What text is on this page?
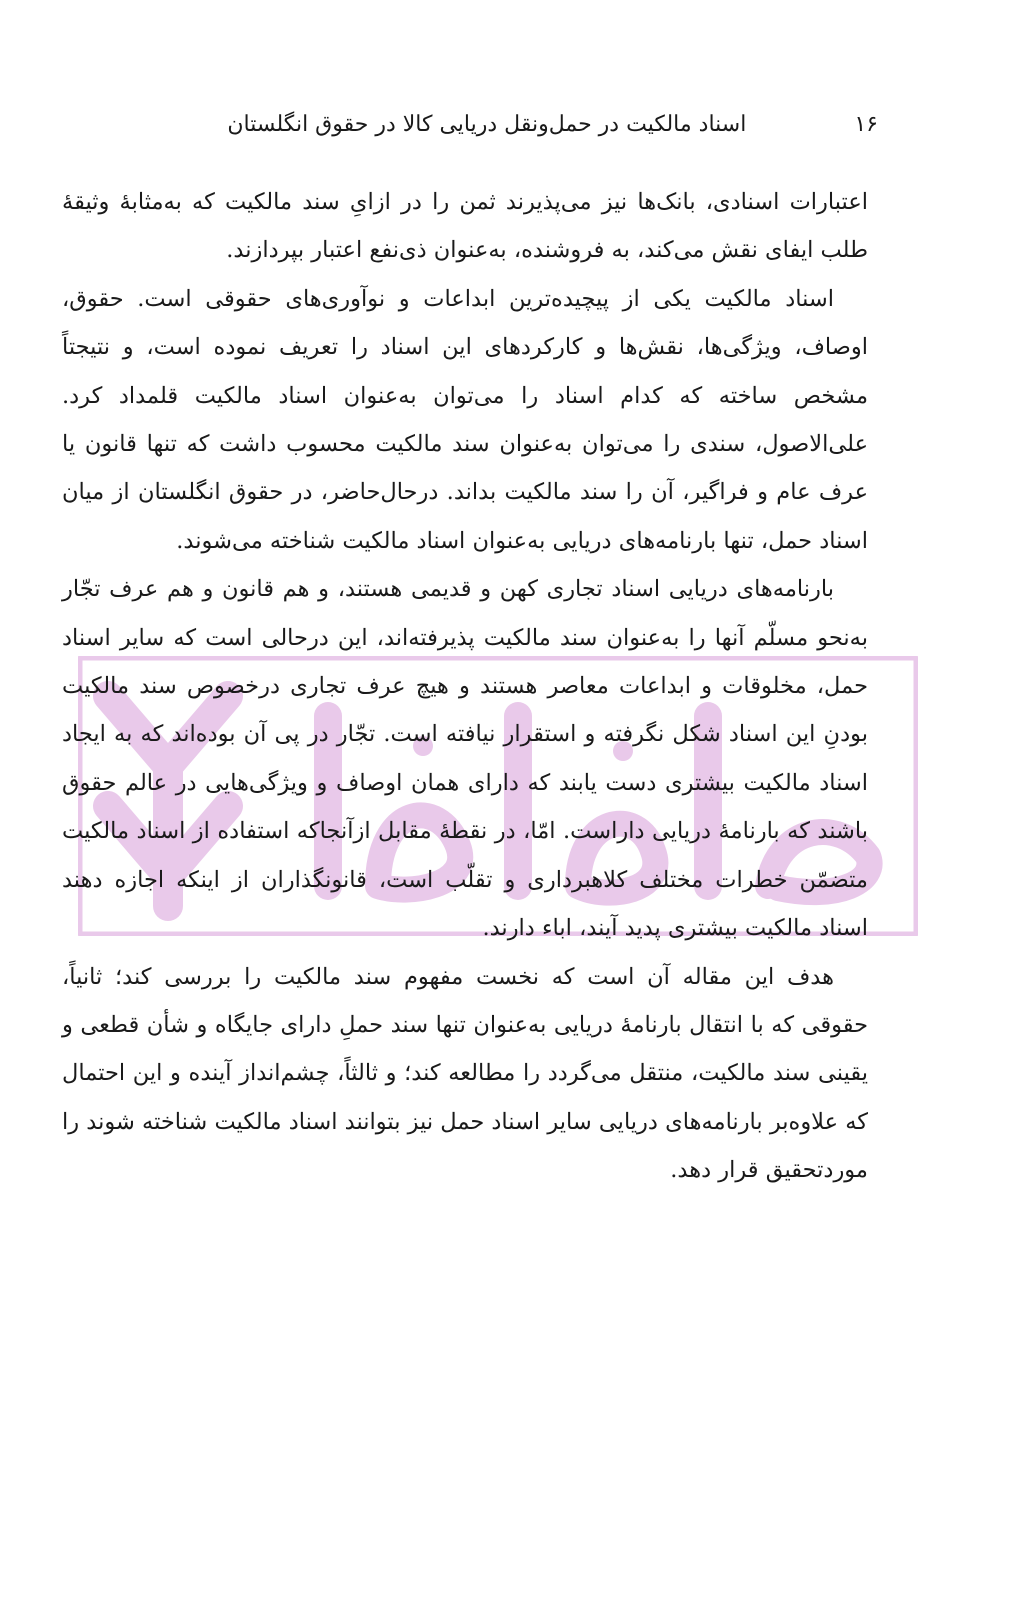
۱۶
اسناد مالکیت در حمل‌ونقل دریایی کالا در حقوق انگلستان

اعتبارات اسنادی، بانک‌ها نیز می‌پذیرند ثمن را در ازایِ سند مالکیت که به‌مثابهٔ وثیقهٔ طلب ایفای نقش می‌کند، به فروشنده، به‌عنوان ذی‌نفع اعتبار بپردازند.

اسناد مالکیت یکی از پیچیده‌ترین ابداعات و نوآوری‌های حقوقی است. حقوق، اوصاف، ویژگی‌ها، نقش‌ها و کارکردهای این اسناد را تعریف نموده است، و نتیجتاً مشخص ساخته که کدام اسناد را می‌توان به‌عنوان اسناد مالکیت قلمداد کرد. علی‌الاصول، سندی را می‌توان به‌عنوان سند مالکیت محسوب داشت که تنها قانون یا عرف عام و فراگیر، آن را سند مالکیت بداند. درحال‌حاضر، در حقوق انگلستان از میان اسناد حمل، تنها بارنامه‌های دریایی به‌عنوان اسناد مالکیت شناخته می‌شوند.

بارنامه‌های دریایی اسناد تجاری کهن و قدیمی هستند، و هم قانون و هم عرف تجّار به‌نحو مسلّم آنها را به‌عنوان سند مالکیت پذیرفته‌اند، این درحالی است که سایر اسناد حمل، مخلوقات و ابداعات معاصر هستند و هیچ عرف تجاری درخصوص سند مالکیت بودنِ این اسناد شکل نگرفته و استقرار نیافته است. تجّار در پی آن بوده‌اند که به ایجاد اسناد مالکیت بیشتری دست یابند که دارای همان اوصاف و ویژگی‌هایی در عالم حقوق باشند که بارنامهٔ دریایی داراست. امّا، در نقطهٔ مقابل ازآنجاکه استفاده از اسناد مالکیت متضمّن خطرات مختلف کلاهبرداری و تقلّب است، قانونگذاران از اینکه اجازه دهند اسناد مالکیت بیشتری پدید آیند، اباء دارند.

هدف این مقاله آن است که نخست مفهوم سند مالکیت را بررسی کند؛ ثانیاً، حقوقی که با انتقال بارنامهٔ دریایی به‌عنوان تنها سند حملِ دارای جایگاه و شأن قطعی و یقینی سند مالکیت، منتقل می‌گردد را مطالعه کند؛ و ثالثاً، چشم‌انداز آینده و این احتمال که علاوه‌بر بارنامه‌های دریایی سایر اسناد حمل نیز بتوانند اسناد مالکیت شناخته شوند را موردتحقیق قرار دهد.
